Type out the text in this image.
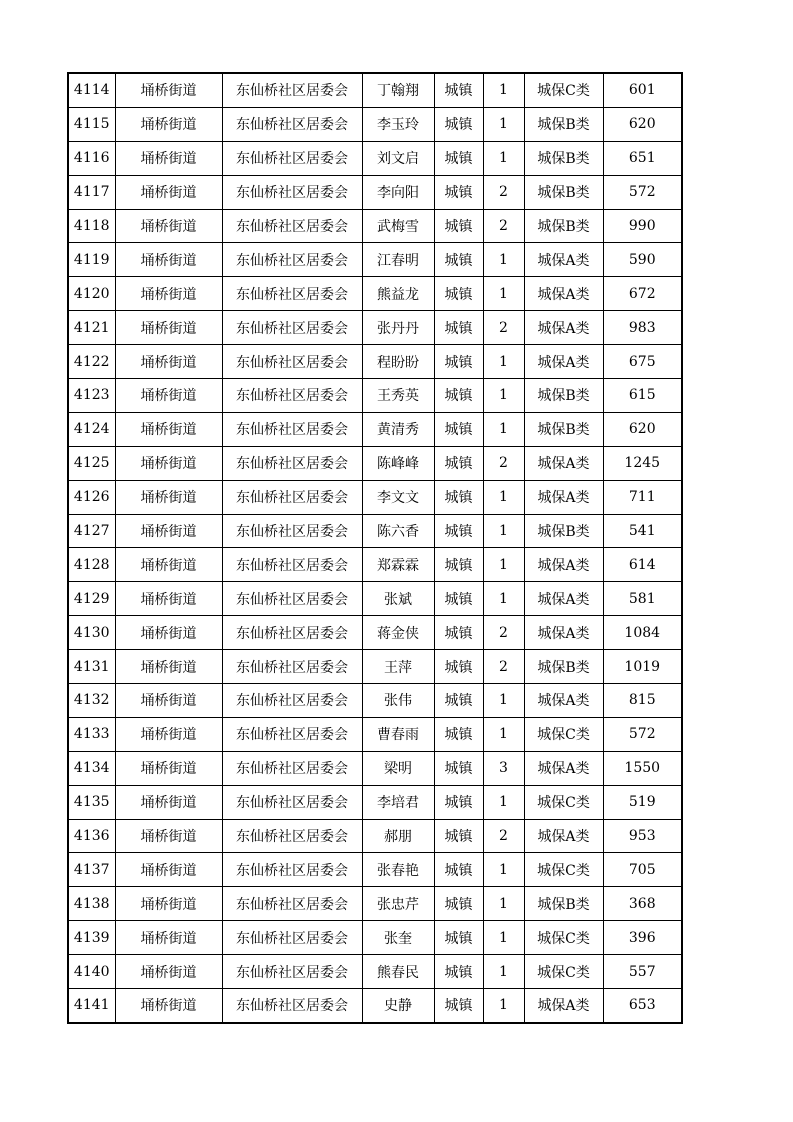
4114	埇桥街道	东仙桥社区居委会	丁翰翔	城镇	1	城保C类	601
4115	埇桥街道	东仙桥社区居委会	李玉玲	城镇	1	城保B类	620
4116	埇桥街道	东仙桥社区居委会	刘文启	城镇	1	城保B类	651
4117	埇桥街道	东仙桥社区居委会	李向阳	城镇	2	城保B类	572
4118	埇桥街道	东仙桥社区居委会	武梅雪	城镇	2	城保B类	990
4119	埇桥街道	东仙桥社区居委会	江春明	城镇	1	城保A类	590
4120	埇桥街道	东仙桥社区居委会	熊益龙	城镇	1	城保A类	672
4121	埇桥街道	东仙桥社区居委会	张丹丹	城镇	2	城保A类	983
4122	埇桥街道	东仙桥社区居委会	程盼盼	城镇	1	城保A类	675
4123	埇桥街道	东仙桥社区居委会	王秀英	城镇	1	城保B类	615
4124	埇桥街道	东仙桥社区居委会	黄清秀	城镇	1	城保B类	620
4125	埇桥街道	东仙桥社区居委会	陈峰峰	城镇	2	城保A类	1245
4126	埇桥街道	东仙桥社区居委会	李文文	城镇	1	城保A类	711
4127	埇桥街道	东仙桥社区居委会	陈六香	城镇	1	城保B类	541
4128	埇桥街道	东仙桥社区居委会	郑霖霖	城镇	1	城保A类	614
4129	埇桥街道	东仙桥社区居委会	张斌	城镇	1	城保A类	581
4130	埇桥街道	东仙桥社区居委会	蒋金侠	城镇	2	城保A类	1084
4131	埇桥街道	东仙桥社区居委会	王萍	城镇	2	城保B类	1019
4132	埇桥街道	东仙桥社区居委会	张伟	城镇	1	城保A类	815
4133	埇桥街道	东仙桥社区居委会	曹春雨	城镇	1	城保C类	572
4134	埇桥街道	东仙桥社区居委会	梁明	城镇	3	城保A类	1550
4135	埇桥街道	东仙桥社区居委会	李培君	城镇	1	城保C类	519
4136	埇桥街道	东仙桥社区居委会	郝朋	城镇	2	城保A类	953
4137	埇桥街道	东仙桥社区居委会	张春艳	城镇	1	城保C类	705
4138	埇桥街道	东仙桥社区居委会	张忠芹	城镇	1	城保B类	368
4139	埇桥街道	东仙桥社区居委会	张奎	城镇	1	城保C类	396
4140	埇桥街道	东仙桥社区居委会	熊春民	城镇	1	城保C类	557
4141	埇桥街道	东仙桥社区居委会	史静	城镇	1	城保A类	653
